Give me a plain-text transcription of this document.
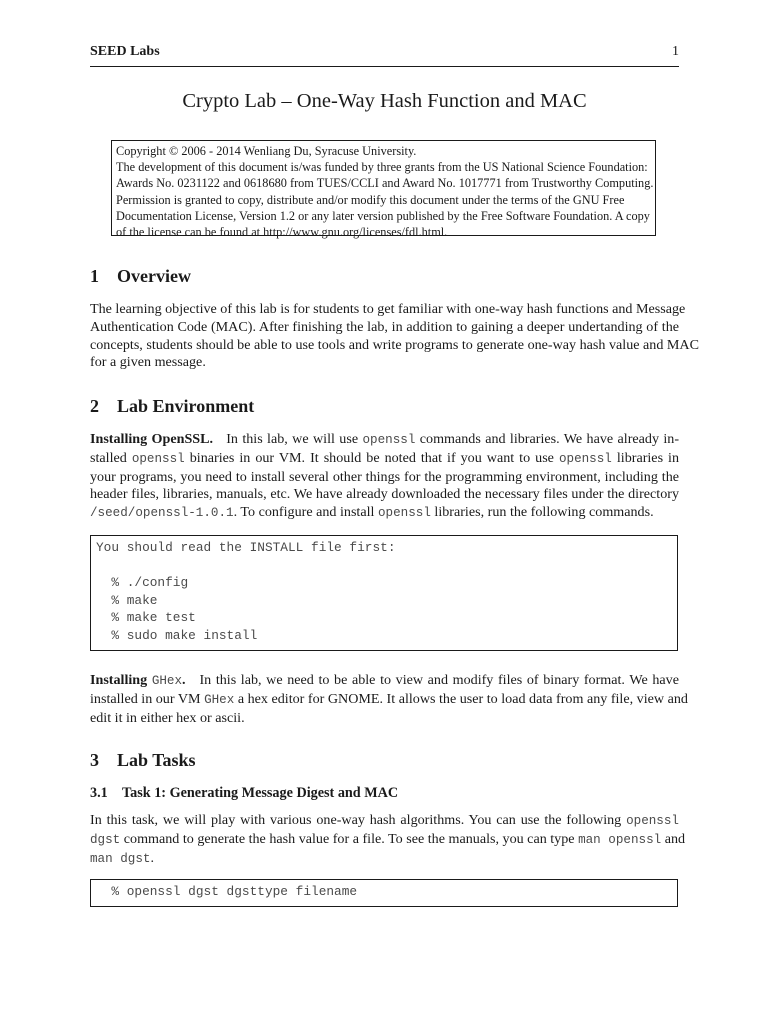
SEED Labs	1
Crypto Lab – One-Way Hash Function and MAC
Copyright © 2006 - 2014 Wenliang Du, Syracuse University.
The development of this document is/was funded by three grants from the US National Science Foundation:
Awards No. 0231122 and 0618680 from TUES/CCLI and Award No. 1017771 from Trustworthy Computing.
Permission is granted to copy, distribute and/or modify this document under the terms of the GNU Free
Documentation License, Version 1.2 or any later version published by the Free Software Foundation. A copy
of the license can be found at http://www.gnu.org/licenses/fdl.html.
1 Overview
The learning objective of this lab is for students to get familiar with one-way hash functions and Message
Authentication Code (MAC). After finishing the lab, in addition to gaining a deeper undertanding of the
concepts, students should be able to use tools and write programs to generate one-way hash value and MAC
for a given message.
2 Lab Environment
Installing OpenSSL. In this lab, we will use openssl commands and libraries. We have already in-
stalled openssl binaries in our VM. It should be noted that if you want to use openssl libraries in
your programs, you need to install several other things for the programming environment, including the
header files, libraries, manuals, etc. We have already downloaded the necessary files under the directory
/seed/openssl-1.0.1. To configure and install openssl libraries, run the following commands.
You should read the INSTALL file first:
% ./config
% make
% make test
% sudo make install
Installing GHex. In this lab, we need to be able to view and modify files of binary format. We have
installed in our VM GHex a hex editor for GNOME. It allows the user to load data from any file, view and
edit it in either hex or ascii.
3 Lab Tasks
3.1 Task 1: Generating Message Digest and MAC
In this task, we will play with various one-way hash algorithms. You can use the following openssl
dgst command to generate the hash value for a file. To see the manuals, you can type man openssl and
man dgst.
% openssl dgst dgsttype filename
